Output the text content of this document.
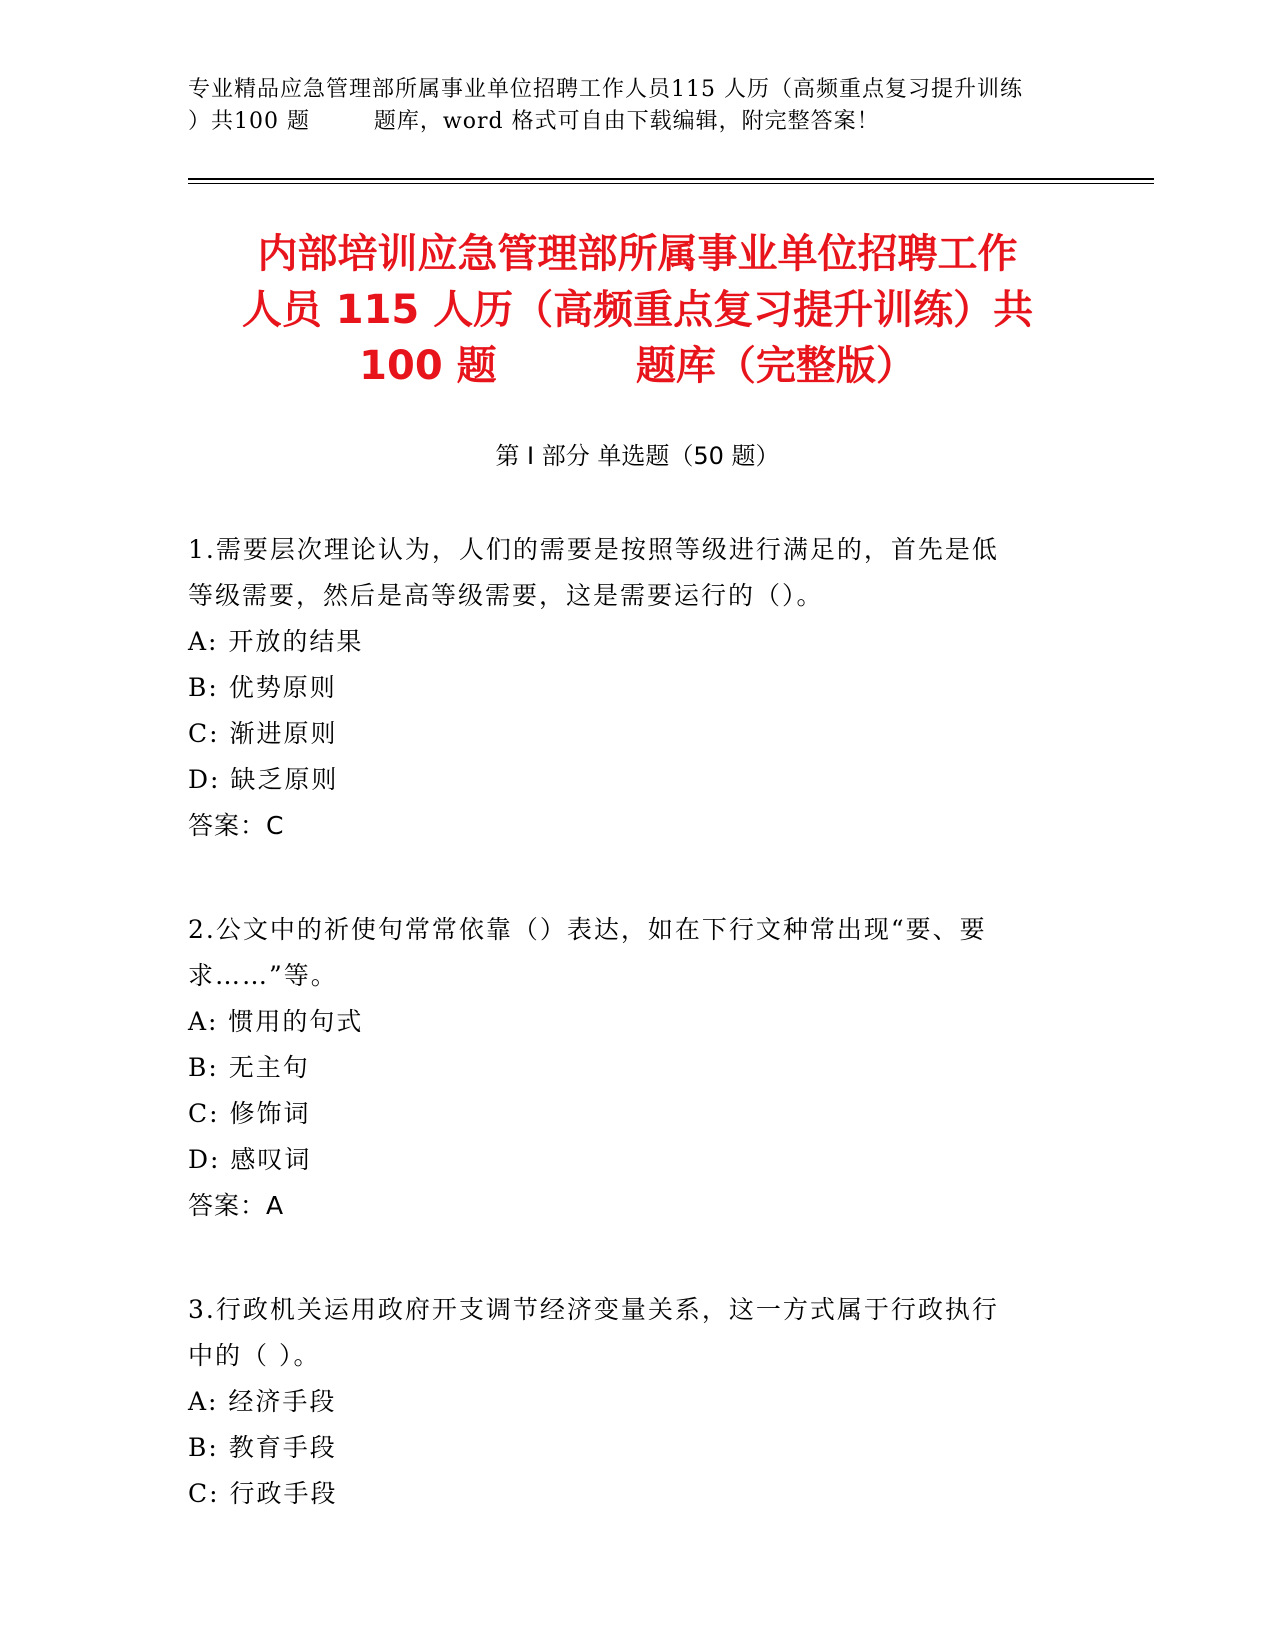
专业精品应急管理部所属事业单位招聘工作人员115 人历（高频重点复习提升训练
）共100 题        题库，word 格式可自由下载编辑，附完整答案！
内部培训应急管理部所属事业单位招聘工作
人员 115 人历（高频重点复习提升训练）共
100 题          题库（完整版）
第 I 部分 单选题（50 题）

1.需要层次理论认为，人们的需要是按照等级进行满足的，首先是低

等级需要，然后是高等级需要，这是需要运行的（）。

A: 开放的结果

B: 优势原则

C: 渐进原则

D: 缺乏原则

答案：C

2.公文中的祈使句常常依靠（）表达，如在下行文种常出现“要、要

求……”等。

A: 惯用的句式

B: 无主句

C: 修饰词

D: 感叹词

答案：A

3.行政机关运用政府开支调节经济变量关系，这一方式属于行政执行

中的（ ）。

A: 经济手段

B: 教育手段

C: 行政手段
